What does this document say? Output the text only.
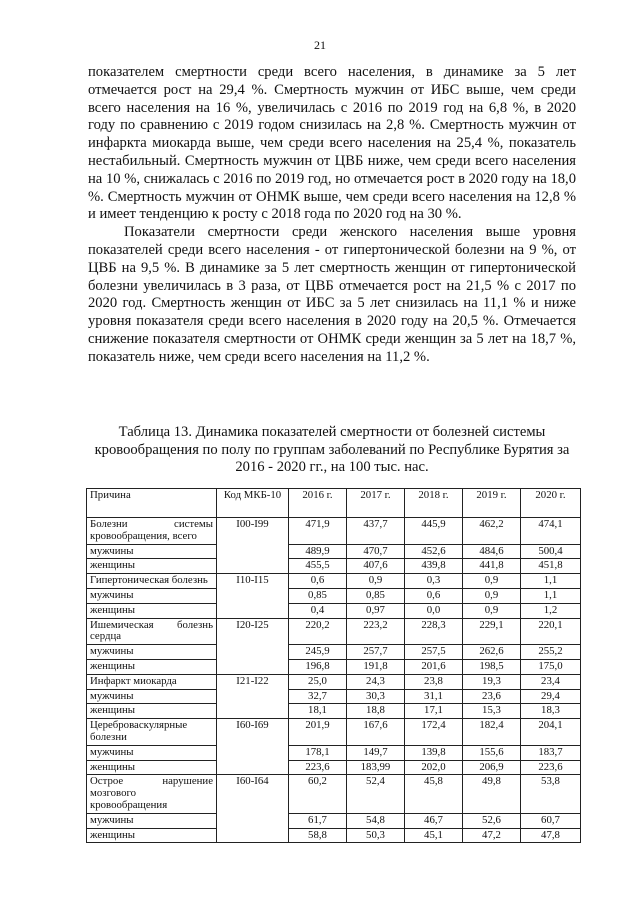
21

показателем смертности среди всего населения, в динамике за 5 лет отмечается рост на 29,4 %. Смертность мужчин от ИБС выше, чем среди всего населения на 16 %, увеличилась с 2016 по 2019 год на 6,8 %, в 2020 году по сравнению с 2019 годом снизилась на 2,8 %. Смертность мужчин от инфаркта миокарда выше, чем среди всего населения на 25,4 %, показатель нестабильный. Смертность мужчин от ЦВБ ниже, чем среди всего населения на 10 %, снижалась с 2016 по 2019 год, но отмечается рост в 2020 году на 18,0 %. Смертность мужчин от ОНМК выше, чем среди всего населения на 12,8 % и имеет тенденцию к росту с 2018 года по 2020 год на 30 %.

Показатели смертности среди женского населения выше уровня показателей среди всего населения - от гипертонической болезни на 9 %, от ЦВБ на 9,5 %. В динамике за 5 лет смертность женщин от гипертонической болезни увеличилась в 3 раза, от ЦВБ отмечается рост на 21,5 % с 2017 по 2020 год. Смертность женщин от ИБС за 5 лет снизилась на 11,1 % и ниже уровня показателя среди всего населения в 2020 году на 20,5 %. Отмечается снижение показателя смертности от ОНМК среди женщин за 5 лет на 18,7 %, показатель ниже, чем среди всего населения на 11,2 %.

Таблица 13. Динамика показателей смертности от болезней системы кровообращения по полу по группам заболеваний по Республике Бурятия за 2016 - 2020 гг., на 100 тыс. нас.
Причина	Код МКБ-10	2016 г.	2017 г.	2018 г.	2019 г.	2020 г.
Болезни системы кровообращения, всего	I00-I99	471,9	437,7	445,9	462,2	474,1
мужчины		489,9	470,7	452,6	484,6	500,4
женщины		455,5	407,6	439,8	441,8	451,8
Гипертоническая болезнь	I10-I15	0,6	0,9	0,3	0,9	1,1
мужчины		0,85	0,85	0,6	0,9	1,1
женщины		0,4	0,97	0,0	0,9	1,2
Ишемическая болезнь сердца	I20-I25	220,2	223,2	228,3	229,1	220,1
мужчины		245,9	257,7	257,5	262,6	255,2
женщины		196,8	191,8	201,6	198,5	175,0
Инфаркт миокарда	I21-I22	25,0	24,3	23,8	19,3	23,4
мужчины		32,7	30,3	31,1	23,6	29,4
женщины		18,1	18,8	17,1	15,3	18,3
Цереброваскулярные болезни	I60-I69	201,9	167,6	172,4	182,4	204,1
мужчины		178,1	149,7	139,8	155,6	183,7
женщины		223,6	183,99	202,0	206,9	223,6
Острое нарушение мозгового кровообращения	I60-I64	60,2	52,4	45,8	49,8	53,8
мужчины		61,7	54,8	46,7	52,6	60,7
женщины		58,8	50,3	45,1	47,2	47,8
